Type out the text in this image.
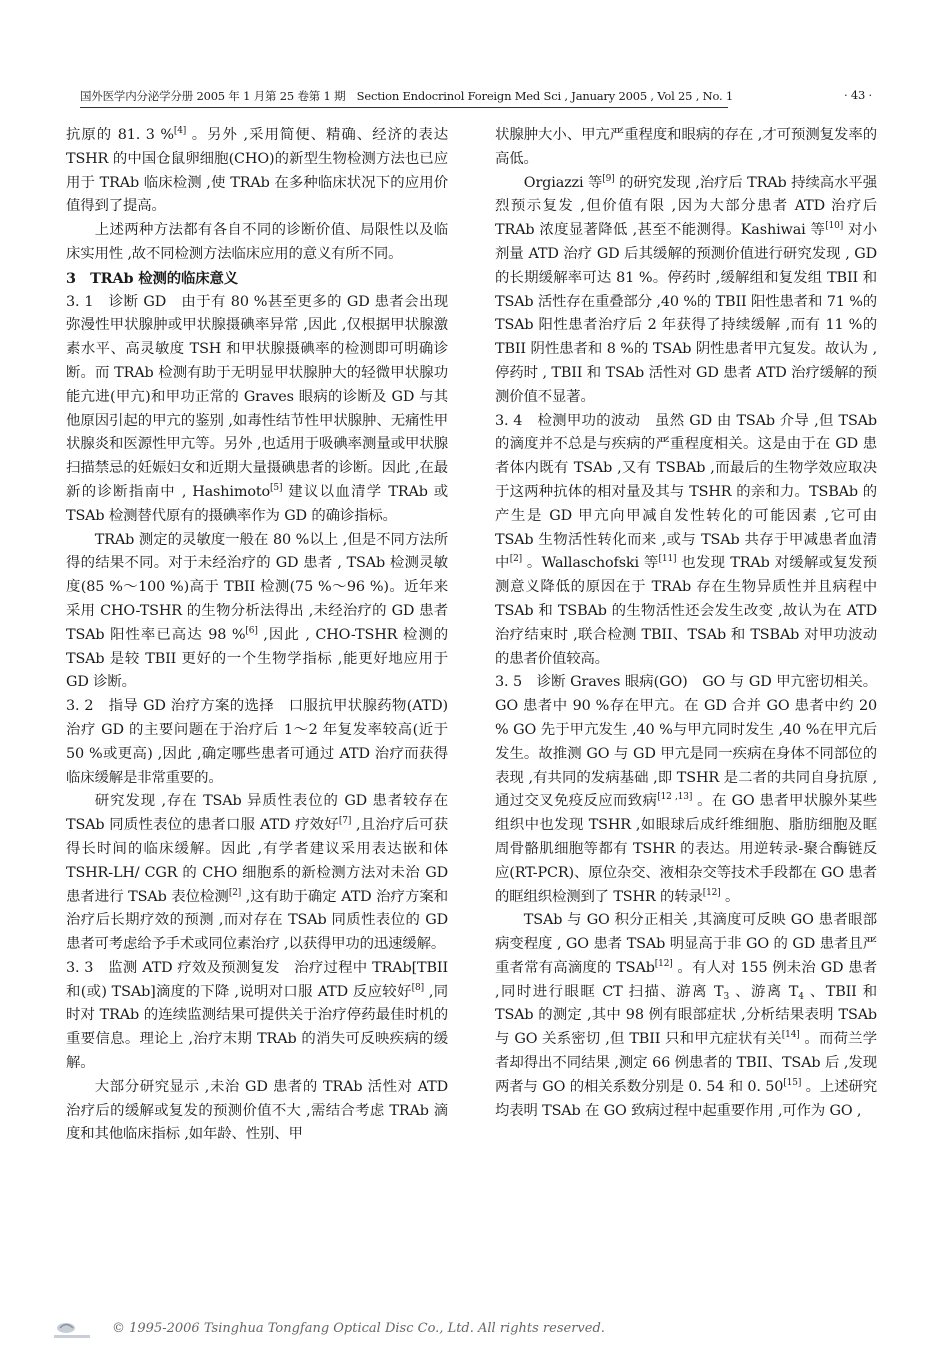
国外医学内分泌学分册 2005 年 1 月第 25 卷第 1 期　Section Endocrinol Foreign Med Sci , January 2005 , Vol 25 , No. 1	· 43 ·

抗原的 81. 3 %[4] 。另外 ,采用简便、精确、经济的表达 TSHR 的中国仓鼠卵细胞(CHO)的新型生物检测方法也已应用于 TRAb 临床检测 ,使 TRAb 在多种临床状况下的应用价值得到了提高。

上述两种方法都有各自不同的诊断价值、局限性以及临床实用性 ,故不同检测方法临床应用的意义有所不同。

3　TRAb 检测的临床意义

3. 1　诊断 GD　由于有 80 %甚至更多的 GD 患者会出现弥漫性甲状腺肿或甲状腺摄碘率异常 ,因此 ,仅根据甲状腺激素水平、高灵敏度 TSH 和甲状腺摄碘率的检测即可明确诊断。而 TRAb 检测有助于无明显甲状腺肿大的轻微甲状腺功能亢进(甲亢)和甲功正常的 Graves 眼病的诊断及 GD 与其他原因引起的甲亢的鉴别 ,如毒性结节性甲状腺肿、无痛性甲状腺炎和医源性甲亢等。另外 ,也适用于吸碘率测量或甲状腺扫描禁忌的妊娠妇女和近期大量摄碘患者的诊断。因此 ,在最新的诊断指南中 , Hashimoto[5] 建议以血清学 TRAb 或 TSAb 检测替代原有的摄碘率作为 GD 的确诊指标。

TRAb 测定的灵敏度一般在 80 %以上 ,但是不同方法所得的结果不同。对于未经治疗的 GD 患者 , TSAb 检测灵敏度(85 %～100 %)高于 TBII 检测(75 %～96 %)。近年来采用 CHO-TSHR 的生物分析法得出 ,未经治疗的 GD 患者 TSAb 阳性率已高达 98 %[6] ,因此 , CHO-TSHR 检测的 TSAb 是较 TBII 更好的一个生物学指标 ,能更好地应用于 GD 诊断。

3. 2　指导 GD 治疗方案的选择　口服抗甲状腺药物(ATD)治疗 GD 的主要问题在于治疗后 1～2 年复发率较高(近于 50 %或更高) ,因此 ,确定哪些患者可通过 ATD 治疗而获得临床缓解是非常重要的。

研究发现 ,存在 TSAb 异质性表位的 GD 患者较存在 TSAb 同质性表位的患者口服 ATD 疗效好[7] ,且治疗后可获得长时间的临床缓解。因此 ,有学者建议采用表达嵌和体 TSHR-LH/ CGR 的 CHO 细胞系的新检测方法对未治 GD 患者进行 TSAb 表位检测[2] ,这有助于确定 ATD 治疗方案和治疗后长期疗效的预测 ,而对存在 TSAb 同质性表位的 GD 患者可考虑给予手术或同位素治疗 ,以获得甲功的迅速缓解。

3. 3　监测 ATD 疗效及预测复发　治疗过程中 TRAb[TBII 和(或) TSAb]滴度的下降 ,说明对口服 ATD 反应较好[8] ,同时对 TRAb 的连续监测结果可提供关于治疗停药最佳时机的重要信息。理论上 ,治疗末期 TRAb 的消失可反映疾病的缓解。

大部分研究显示 ,未治 GD 患者的 TRAb 活性对 ATD 治疗后的缓解或复发的预测价值不大 ,需结合考虑 TRAb 滴度和其他临床指标 ,如年龄、性别、甲

状腺肿大小、甲亢严重程度和眼病的存在 ,才可预测复发率的高低。

Orgiazzi 等[9] 的研究发现 ,治疗后 TRAb 持续高水平强烈预示复发 ,但价值有限 ,因为大部分患者 ATD 治疗后 TRAb 浓度显著降低 ,甚至不能测得。Kashiwai 等[10] 对小剂量 ATD 治疗 GD 后其缓解的预测价值进行研究发现 , GD 的长期缓解率可达 81 %。停药时 ,缓解组和复发组 TBII 和 TSAb 活性存在重叠部分 ,40 %的 TBII 阳性患者和 71 %的 TSAb 阳性患者治疗后 2 年获得了持续缓解 ,而有 11 %的 TBII 阴性患者和 8 %的 TSAb 阴性患者甲亢复发。故认为 ,停药时 , TBII 和 TSAb 活性对 GD 患者 ATD 治疗缓解的预测价值不显著。

3. 4　检测甲功的波动　虽然 GD 由 TSAb 介导 ,但 TSAb 的滴度并不总是与疾病的严重程度相关。这是由于在 GD 患者体内既有 TSAb ,又有 TSBAb ,而最后的生物学效应取决于这两种抗体的相对量及其与 TSHR 的亲和力。TSBAb 的产生是 GD 甲亢向甲减自发性转化的可能因素 ,它可由 TSAb 生物活性转化而来 ,或与 TSAb 共存于甲减患者血清中[2] 。Wallaschofski 等[11] 也发现 TRAb 对缓解或复发预测意义降低的原因在于 TRAb 存在生物异质性并且病程中 TSAb 和 TSBAb 的生物活性还会发生改变 ,故认为在 ATD 治疗结束时 ,联合检测 TBII、TSAb 和 TSBAb 对甲功波动的患者价值较高。

3. 5　诊断 Graves 眼病(GO)　GO 与 GD 甲亢密切相关。GO 患者中 90 %存在甲亢。在 GD 合并 GO 患者中约 20 % GO 先于甲亢发生 ,40 %与甲亢同时发生 ,40 %在甲亢后发生。故推测 GO 与 GD 甲亢是同一疾病在身体不同部位的表现 ,有共同的发病基础 ,即 TSHR 是二者的共同自身抗原 ,通过交叉免疫反应而致病[12 ,13] 。在 GO 患者甲状腺外某些组织中也发现 TSHR ,如眼球后成纤维细胞、脂肪细胞及眶周骨骼肌细胞等都有 TSHR 的表达。用逆转录-聚合酶链反应(RT-PCR)、原位杂交、液相杂交等技术手段都在 GO 患者的眶组织检测到了 TSHR 的转录[12] 。

TSAb 与 GO 积分正相关 ,其滴度可反映 GO 患者眼部病变程度 , GO 患者 TSAb 明显高于非 GO 的 GD 患者且严重者常有高滴度的 TSAb[12] 。有人对 155 例未治 GD 患者 ,同时进行眼眶 CT 扫描、游离 $T_3$ 、游离 $T_4$ 、TBII 和 TSAb 的测定 ,其中 98 例有眼部症状 ,分析结果表明 TSAb 与 GO 关系密切 ,但 TBII 只和甲亢症状有关[14] 。而荷兰学者却得出不同结果 ,测定 66 例患者的 TBII、TSAb 后 ,发现两者与 GO 的相关系数分别是 0. 54 和 0. 50[15] 。上述研究均表明 TSAb 在 GO 致病过程中起重要作用 ,可作为 GO ,

© 1995-2006 Tsinghua Tongfang Optical Disc Co., Ltd. All rights reserved.
